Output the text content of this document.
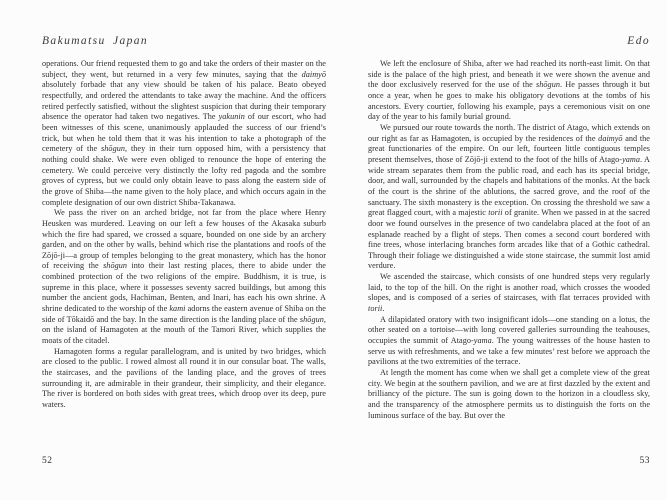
Bakumatsu Japan

operations. Our friend requested them to go and take the orders of their master on the subject, they went, but returned in a very few minutes, saying that the daimyō absolutely forbade that any view should be taken of his palace. Beato obeyed respectfully, and ordered the attendants to take away the machine. And the officers retired perfectly satisfied, without the slightest suspicion that during their temporary absence the operator had taken two negatives. The yakunin of our escort, who had been witnesses of this scene, unanimously applauded the success of our friend’s trick, but when he told them that it was his intention to take a photograph of the cemetery of the shōgun, they in their turn opposed him, with a persistency that nothing could shake. We were even obliged to renounce the hope of entering the cemetery. We could perceive very distinctly the lofty red pagoda and the sombre groves of cypress, but we could only obtain leave to pass along the eastern side of the grove of Shiba—the name given to the holy place, and which occurs again in the complete designation of our own district Shiba-Takanawa.

We pass the river on an arched bridge, not far from the place where Henry Heusken was murdered. Leaving on our left a few houses of the Akasaka suburb which the fire had spared, we crossed a square, bounded on one side by an archery garden, and on the other by walls, behind which rise the plantations and roofs of the Zōjō-ji—a group of temples belonging to the great monastery, which has the honor of receiving the shōgun into their last resting places, there to abide under the combined protection of the two religions of the empire. Buddhism, it is true, is supreme in this place, where it possesses seventy sacred buildings, but among this number the ancient gods, Hachiman, Benten, and Inari, has each his own shrine. A shrine dedicated to the worship of the kami adorns the eastern avenue of Shiba on the side of Tōkaidō and the bay. In the same direction is the landing place of the shōgun, on the island of Hamagoten at the mouth of the Tamori River, which supplies the moats of the citadel.

Hamagoten forms a regular parallelogram, and is united by two bridges, which are closed to the public. I rowed almost all round it in our consular boat. The walls, the staircases, and the pavilions of the landing place, and the groves of trees surrounding it, are admirable in their grandeur, their simplicity, and their elegance. The river is bordered on both sides with great trees, which droop over its deep, pure waters.

52
Edo

We left the enclosure of Shiba, after we had reached its north-east limit. On that side is the palace of the high priest, and beneath it we were shown the avenue and the door exclusively reserved for the use of the shōgun. He passes through it but once a year, when he goes to make his obligatory devotions at the tombs of his ancestors. Every courtier, following his example, pays a ceremonious visit on one day of the year to his family burial ground.

We pursued our route towards the north. The district of Atago, which extends on our right as far as Hamagoten, is occupied by the residences of the daimyō and the great functionaries of the empire. On our left, fourteen little contiguous temples present themselves, those of Zōjō-ji extend to the foot of the hills of Atago-yama. A wide stream separates them from the public road, and each has its special bridge, door, and wall, surrounded by the chapels and habitations of the monks. At the back of the court is the shrine of the ablutions, the sacred grove, and the roof of the sanctuary. The sixth monastery is the exception. On crossing the threshold we saw a great flagged court, with a majestic torii of granite. When we passed in at the sacred door we found ourselves in the presence of two candelabra placed at the foot of an esplanade reached by a flight of steps. Then comes a second court bordered with fine trees, whose interlacing branches form arcades like that of a Gothic cathedral. Through their foliage we distinguished a wide stone staircase, the summit lost amid verdure.

We ascended the staircase, which consists of one hundred steps very regularly laid, to the top of the hill. On the right is another road, which crosses the wooded slopes, and is composed of a series of staircases, with flat terraces provided with torii.

A dilapidated oratory with two insignificant idols—one standing on a lotus, the other seated on a tortoise—with long covered galleries surrounding the teahouses, occupies the summit of Atago-yama. The young waitresses of the house hasten to serve us with refreshments, and we take a few minutes’ rest before we approach the pavilions at the two extremities of the terrace.

At length the moment has come when we shall get a complete view of the great city. We begin at the southern pavilion, and we are at first dazzled by the extent and brilliancy of the picture. The sun is going down to the horizon in a cloudless sky, and the transparency of the atmosphere permits us to distinguish the forts on the luminous surface of the bay. But over the

53
